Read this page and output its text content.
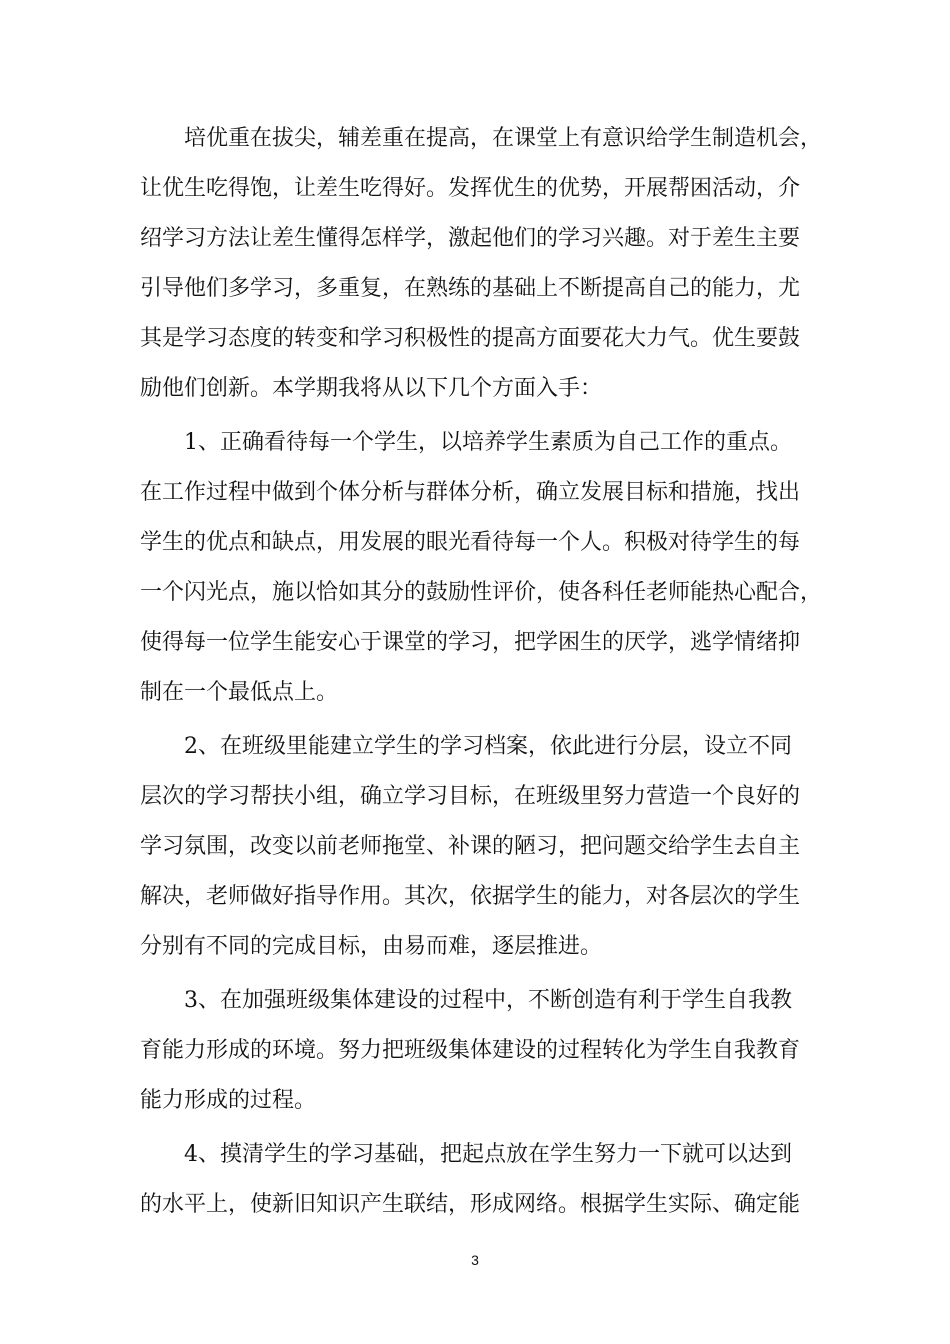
培优重在拔尖，辅差重在提高，在课堂上有意识给学生制造机会，
让优生吃得饱，让差生吃得好。发挥优生的优势，开展帮困活动，介
绍学习方法让差生懂得怎样学，激起他们的学习兴趣。对于差生主要
引导他们多学习，多重复，在熟练的基础上不断提高自己的能力，尤
其是学习态度的转变和学习积极性的提高方面要花大力气。优生要鼓
励他们创新。本学期我将从以下几个方面入手：
1、正确看待每一个学生，以培养学生素质为自己工作的重点。
在工作过程中做到个体分析与群体分析，确立发展目标和措施，找出
学生的优点和缺点，用发展的眼光看待每一个人。积极对待学生的每
一个闪光点，施以恰如其分的鼓励性评价，使各科任老师能热心配合，
使得每一位学生能安心于课堂的学习，把学困生的厌学，逃学情绪抑
制在一个最低点上。
2、在班级里能建立学生的学习档案，依此进行分层，设立不同
层次的学习帮扶小组，确立学习目标，在班级里努力营造一个良好的
学习氛围，改变以前老师拖堂、补课的陋习，把问题交给学生去自主
解决，老师做好指导作用。其次，依据学生的能力，对各层次的学生
分别有不同的完成目标，由易而难，逐层推进。
3、在加强班级集体建设的过程中，不断创造有利于学生自我教
育能力形成的环境。努力把班级集体建设的过程转化为学生自我教育
能力形成的过程。
4、摸清学生的学习基础，把起点放在学生努力一下就可以达到
的水平上，使新旧知识产生联结，形成网络。根据学生实际、确定能
3
